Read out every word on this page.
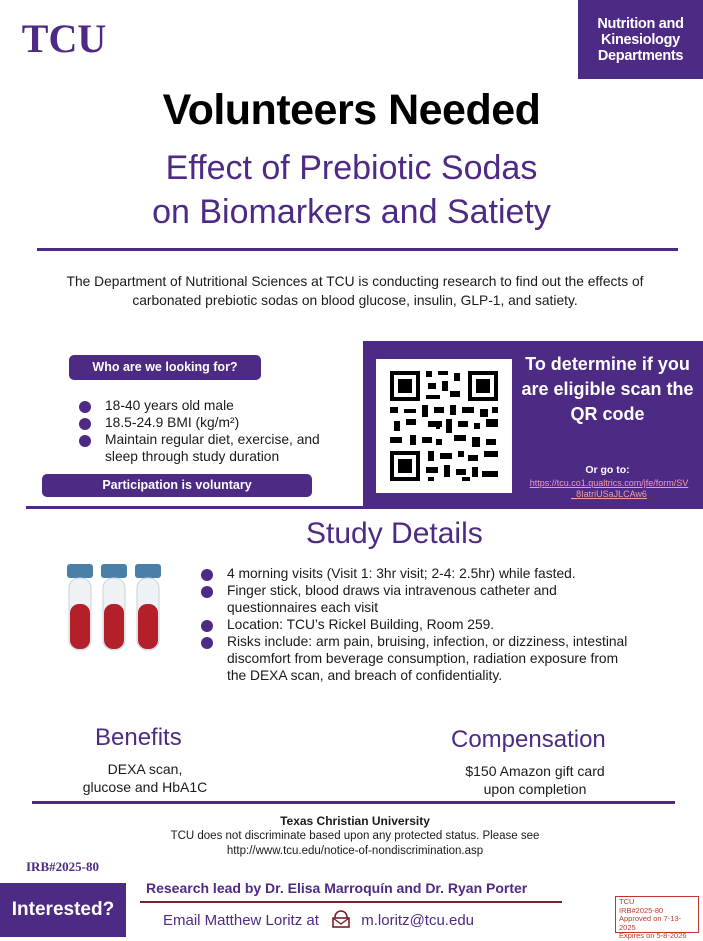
TCU	Nutrition and Kinesiology Departments
Volunteers Needed
Effect of Prebiotic Sodas
on Biomarkers and Satiety
The Department of Nutritional Sciences at TCU is conducting research to find out the effects of carbonated prebiotic sodas on blood glucose, insulin, GLP-1, and satiety.
Who are we looking for?
18-40 years old male
18.5-24.9 BMI (kg/m²)
Maintain regular diet, exercise, and sleep through study duration
Participation is voluntary
To determine if you are eligible scan the QR code
Or go to:
https://tcu.co1.qualtrics.com/jfe/form/SV_8IatriUSaJLCAw6
Study Details
4 morning visits (Visit 1: 3hr visit; 2-4: 2.5hr) while fasted.
Finger stick, blood draws via intravenous catheter and questionnaires each visit
Location: TCU’s Rickel Building, Room 259.
Risks include: arm pain, bruising, infection, or dizziness, intestinal discomfort from beverage consumption, radiation exposure from the DEXA scan, and breach of confidentiality.
Benefits
DEXA scan,
glucose and HbA1C
Compensation
$150 Amazon gift card
upon completion
Texas Christian University
TCU does not discriminate based upon any protected status. Please see
http://www.tcu.edu/notice-of-nondiscrimination.asp
IRB#2025-80
Interested?
Research lead by Dr. Elisa Marroquín and Dr. Ryan Porter
Email Matthew Loritz at	m.loritz@tcu.edu
TCU
IRB#2025-80
Approved on 7-13-2025
Expires on 5-8-2026
